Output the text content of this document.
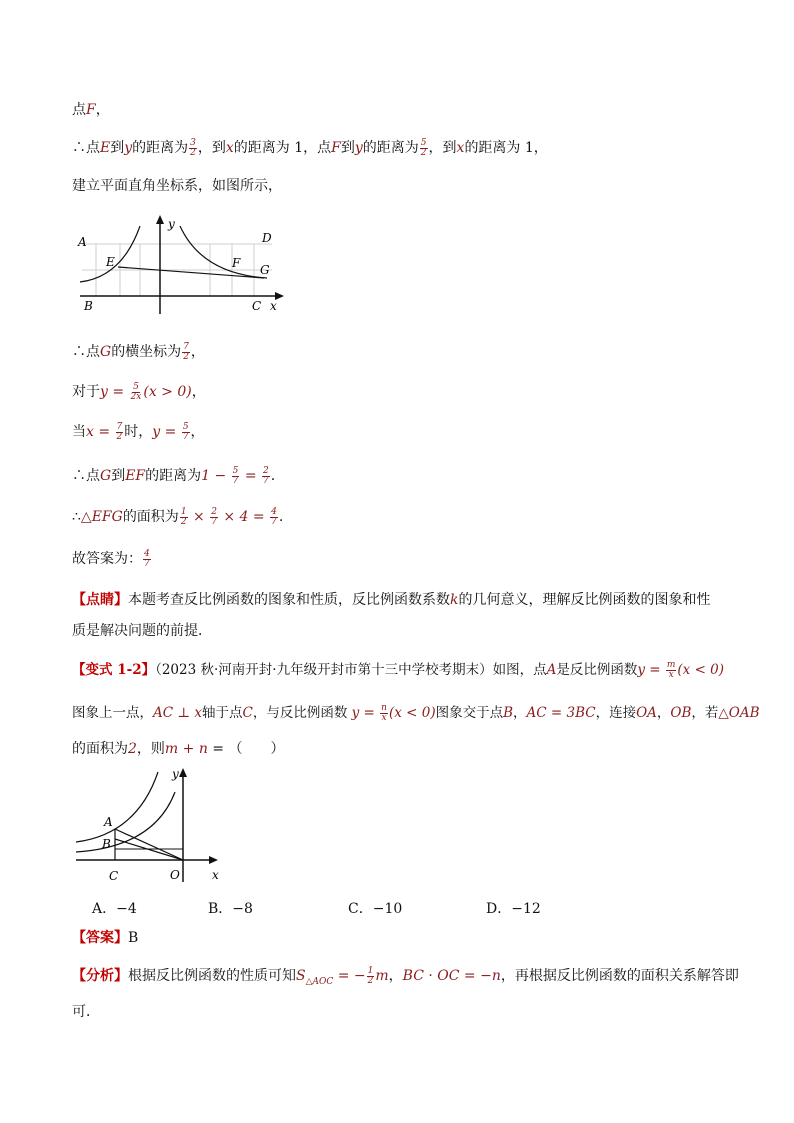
点F，
∴点E到y的距离为 $\frac{3}{2}$ ，到x的距离为 1，点F到y的距离为 $\frac{5}{2}$ ，到x的距离为 1，
建立平面直角坐标系，如图所示，
A
B	C
D
E	F G
x
y
∴点G的横坐标为 $\frac{7}{2}$ ，
对于$y = \frac{5}{2x} (x > 0)$，
当$x = \frac{7}{2}$ 时，$y = \frac{5}{7}$ ，
∴点G到EF的距离为$1 - \frac{5}{7} = \frac{2}{7}$ .
∴△EFG的面积为 $\frac{1}{2} \times \frac{2}{7} \times 4 = \frac{4}{7}$ .
故答案为： $\frac{4}{7}$
【点睛】本题考查反比例函数的图象和性质，反比例函数系数k的几何意义，理解反比例函数的图象和性
质是解决问题的前提．
【变式 1-2】（2023 秋·河南开封·九年级开封市第十三中学校考期末）如图，点A是反比例函数$y = \frac{m}{x} (x < 0)$
图象上一点，AC ⊥ x轴于点C，与反比例函数 $y = \frac{n}{x} (x < 0)$图象交于点B，AC = 3BC，连接OA，OB，若△OAB
的面积为2，则m + n = （　　）
A
B
C	O	x
y
A．−4	B．−8	C．−10	D．−12
【答案】B
【分析】根据反比例函数的性质可知$S_{\triangle AOC}$ = − $\frac{1}{2}$ m，BC · OC = −n，再根据反比例函数的面积关系解答即
可．
